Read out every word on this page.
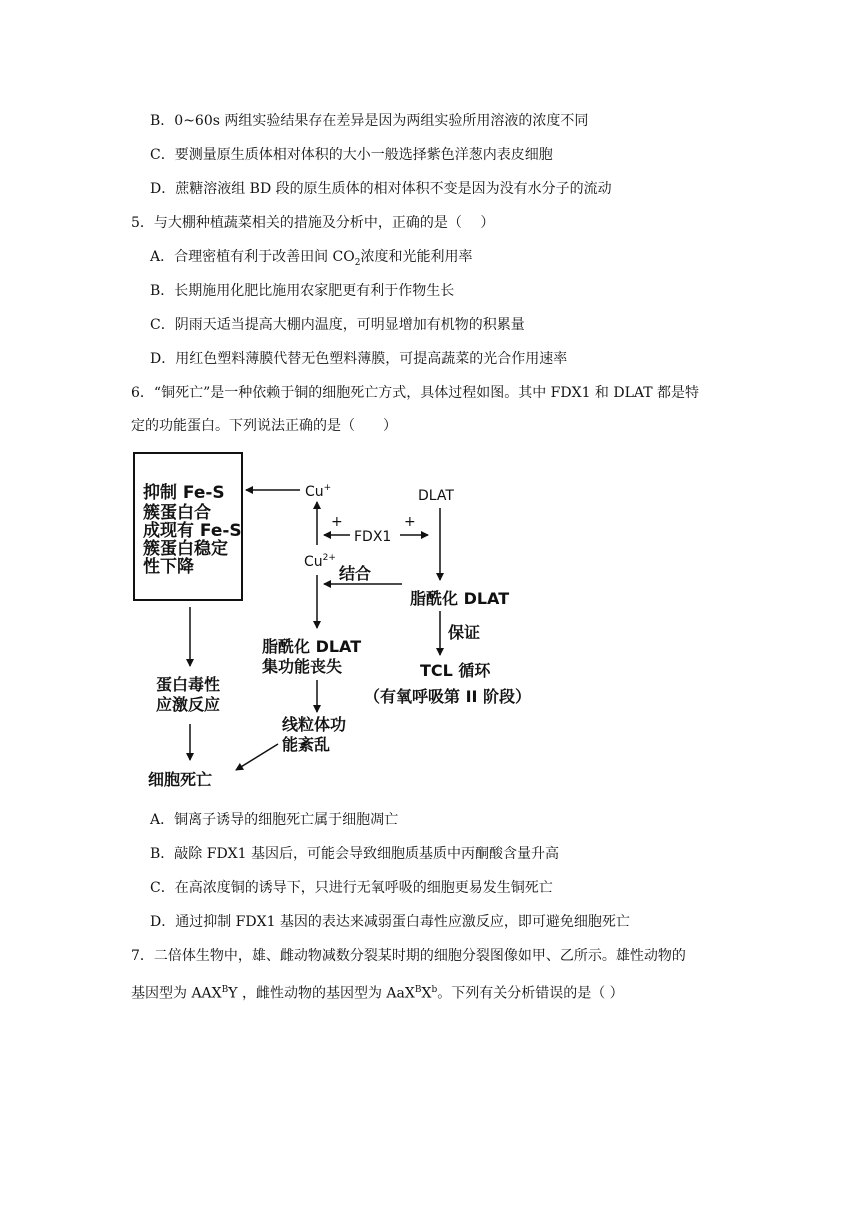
B．0~60s 两组实验结果存在差异是因为两组实验所用溶液的浓度不同
C．要测量原生质体相对体积的大小一般选择紫色洋葱内表皮细胞
D．蔗糖溶液组 BD 段的原生质体的相对体积不变是因为没有水分子的流动
5．与大棚种植蔬菜相关的措施及分析中，正确的是（　 ）
A．合理密植有利于改善田间 $CO_2$浓度和光能利用率
B．长期施用化肥比施用农家肥更有利于作物生长
C．阴雨天适当提高大棚内温度，可明显增加有机物的积累量
D．用红色塑料薄膜代替无色塑料薄膜，可提高蔬菜的光合作用速率
6．“铜死亡”是一种依赖于铜的细胞死亡方式，具体过程如图。其中 FDX1 和 DLAT 都是特
定的功能蛋白。下列说法正确的是（　　）
抑制 Fe-S
簇蛋白合
成现有 Fe-S
簇蛋白稳定
性下降
Cu+
$Cu^{2+}$
+	+
FDX1
DLAT
脂酰化 DLAT
结合
保证
TCL 循环
（有氧呼吸第 II 阶段）
脂酰化 DLAT
集功能丧失
线粒体功
能紊乱
蛋白毒性
应激反应
细胞死亡
A．铜离子诱导的细胞死亡属于细胞凋亡
B．敲除 FDX1 基因后，可能会导致细胞质基质中丙酮酸含量升高
C．在高浓度铜的诱导下，只进行无氧呼吸的细胞更易发生铜死亡
D．通过抑制 FDX1 基因的表达来减弱蛋白毒性应激反应，即可避免细胞死亡
7．二倍体生物中，雄、雌动物减数分裂某时期的细胞分裂图像如甲、乙所示。雄性动物的
基因型为 $AAX^BY$ ，雌性动物的基因型为 $AaX^BX^b$。下列有关分析错误的是（ ）
